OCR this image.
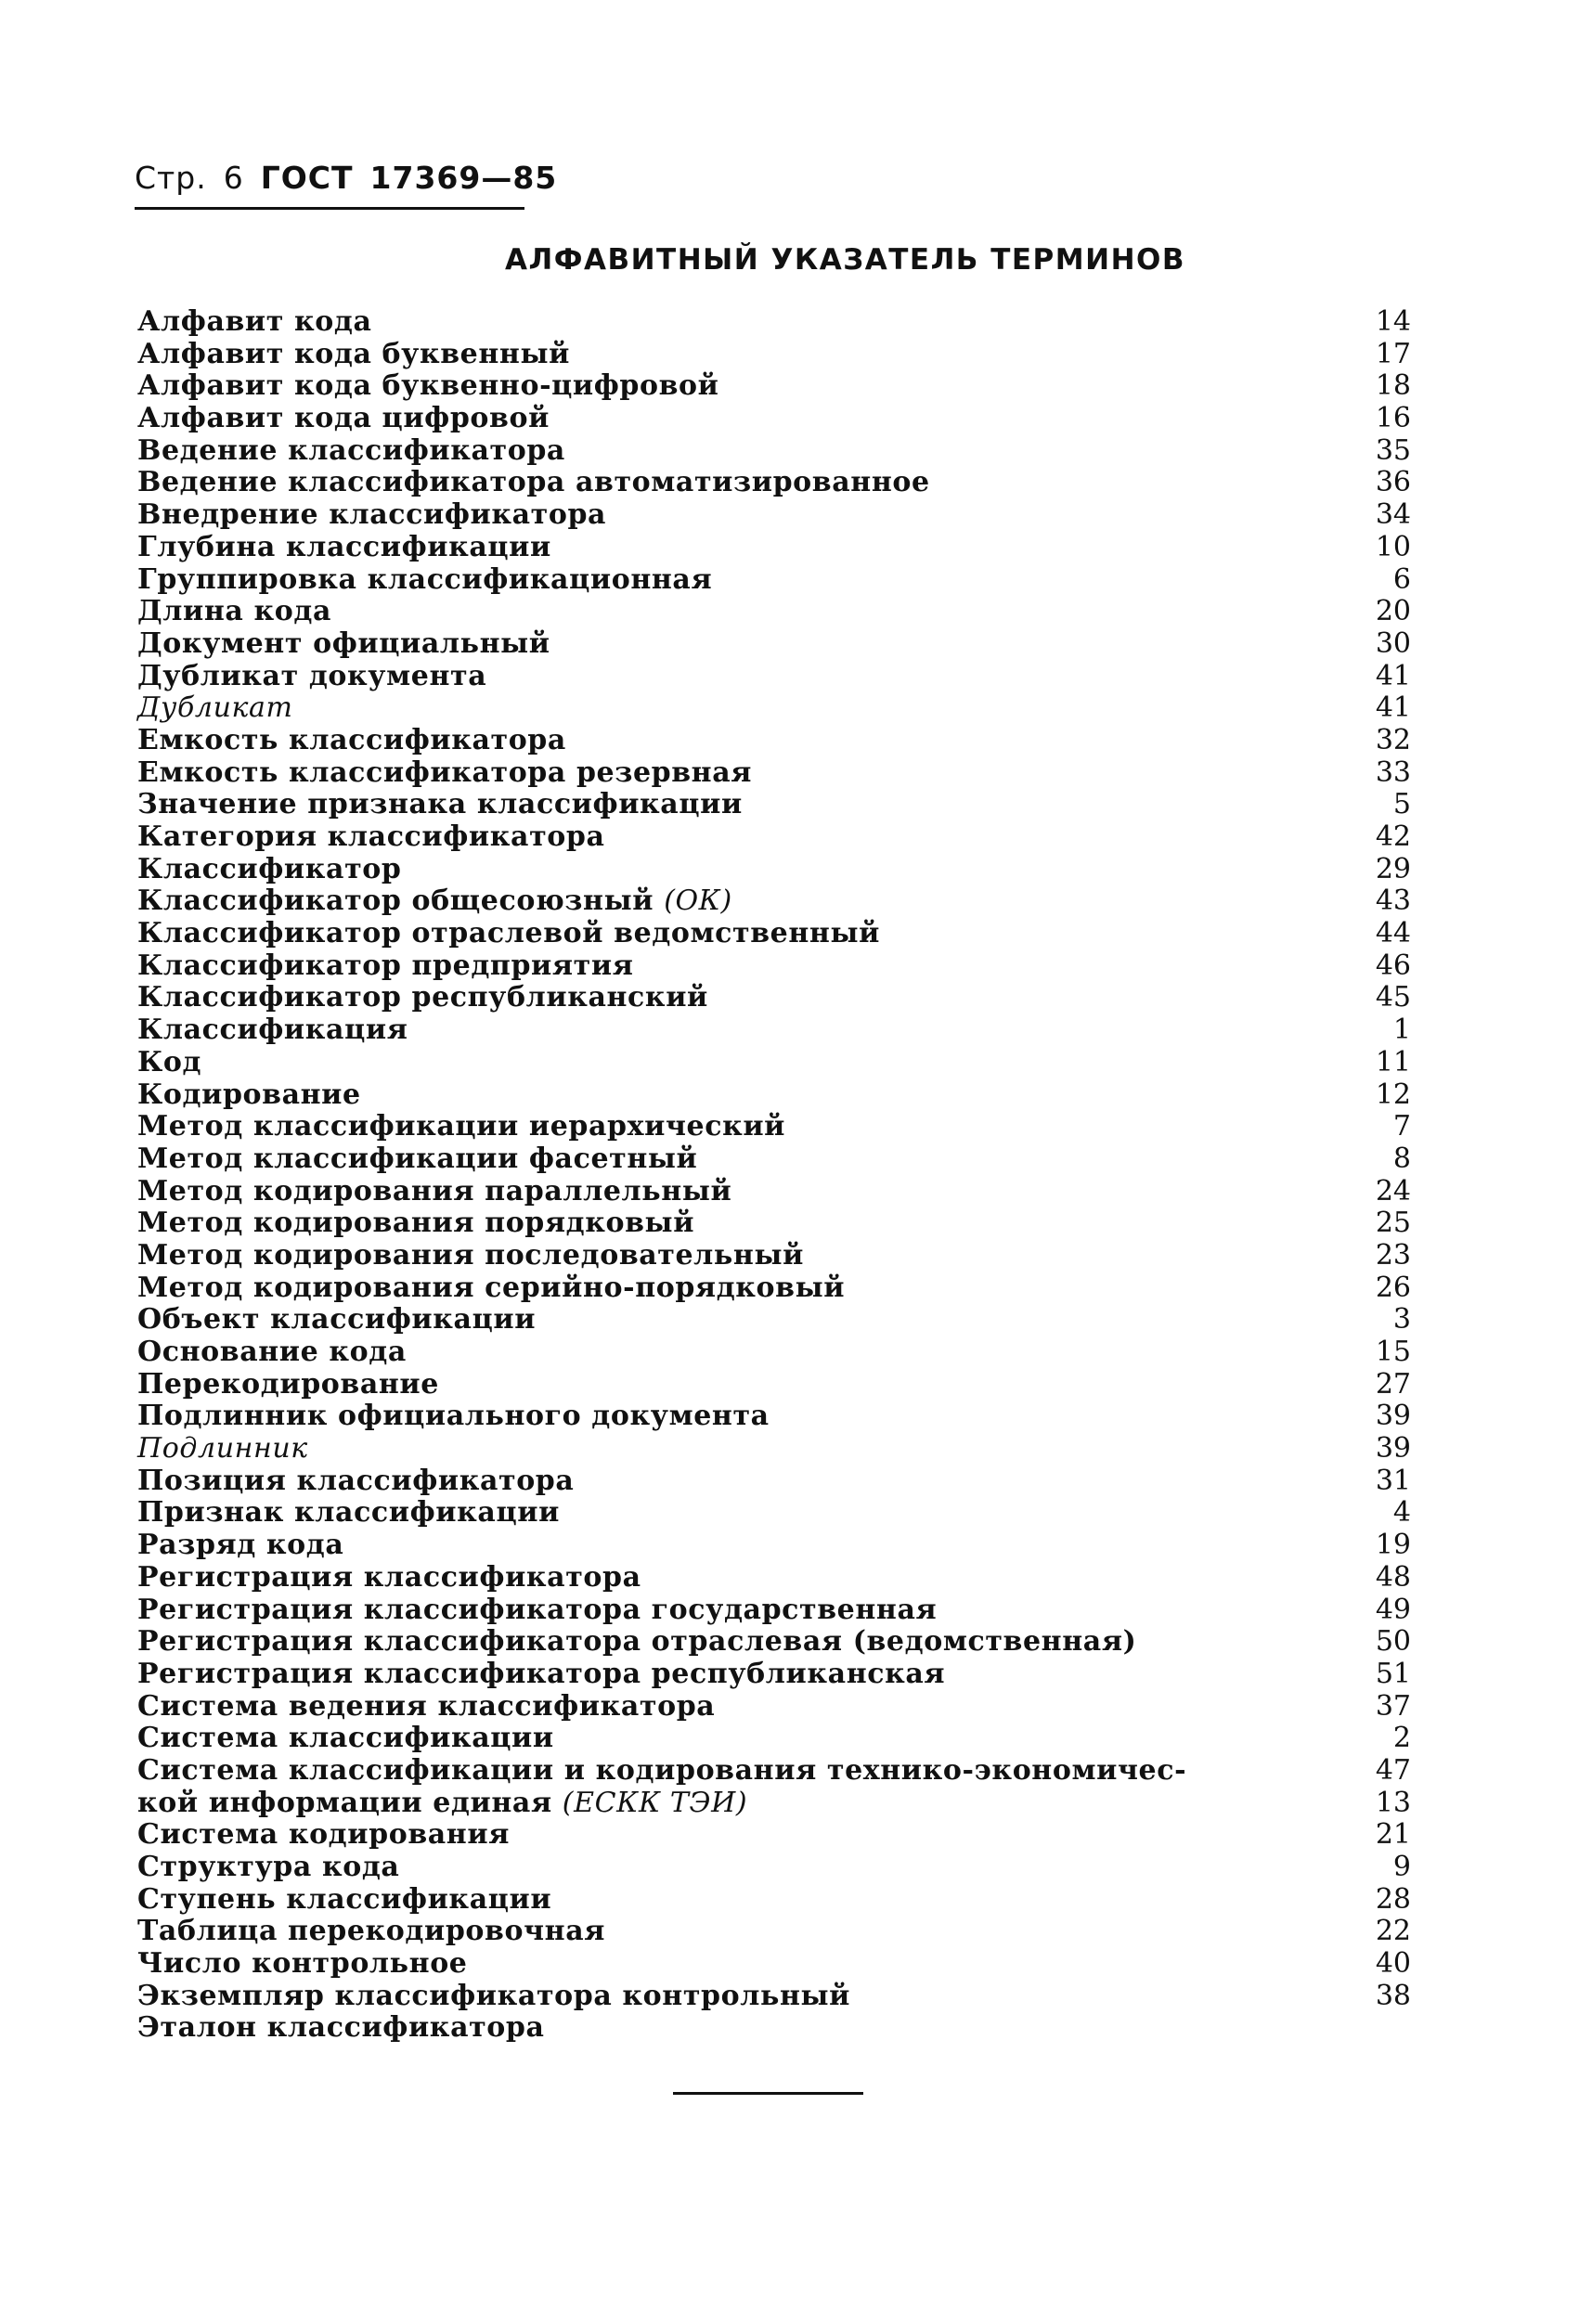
Стр. 6 ГОСТ 17369—85
АЛФАВИТНЫЙ УКАЗАТЕЛЬ ТЕРМИНОВ
Алфавит кода
Алфавит кода буквенный
Алфавит кода буквенно-цифровой
Алфавит кода цифровой
Ведение классификатора
Ведение классификатора автоматизированное
Внедрение классификатора
Глубина классификации
Группировка классификационная
Длина кода
Документ официальный
Дубликат документа
Дубликат
Емкость классификатора
Емкость классификатора резервная
Значение признака классификации
Категория классификатора
Классификатор
Классификатор общесоюзный (ОК)
Классификатор отраслевой ведомственный
Классификатор предприятия
Классификатор республиканский
Классификация
Код
Кодирование
Метод классификации иерархический
Метод классификации фасетный
Метод кодирования параллельный
Метод кодирования порядковый
Метод кодирования последовательный
Метод кодирования серийно-порядковый
Объект классификации
Основание кода
Перекодирование
Подлинник официального документа
Подлинник
Позиция классификатора
Признак классификации
Разряд кода
Регистрация классификатора
Регистрация классификатора государственная
Регистрация классификатора отраслевая (ведомственная)
Регистрация классификатора республиканская
Система ведения классификатора
Система классификации
Система классификации и кодирования технико-экономичес-
кой информации единая (ЕСКК ТЭИ)
Система кодирования
Структура кода
Ступень классификации
Таблица перекодировочная
Число контрольное
Экземпляр классификатора контрольный
Эталон классификатора
14
17
18
16
35
36
34
10
6
20
30
41
41
32
33
5
42
29
43
44
46
45
1
11
12
7
8
24
25
23
26
3
15
27
39
39
31
4
19
48
49
50
51
37
2
47
13
21
9
28
22
40
38
